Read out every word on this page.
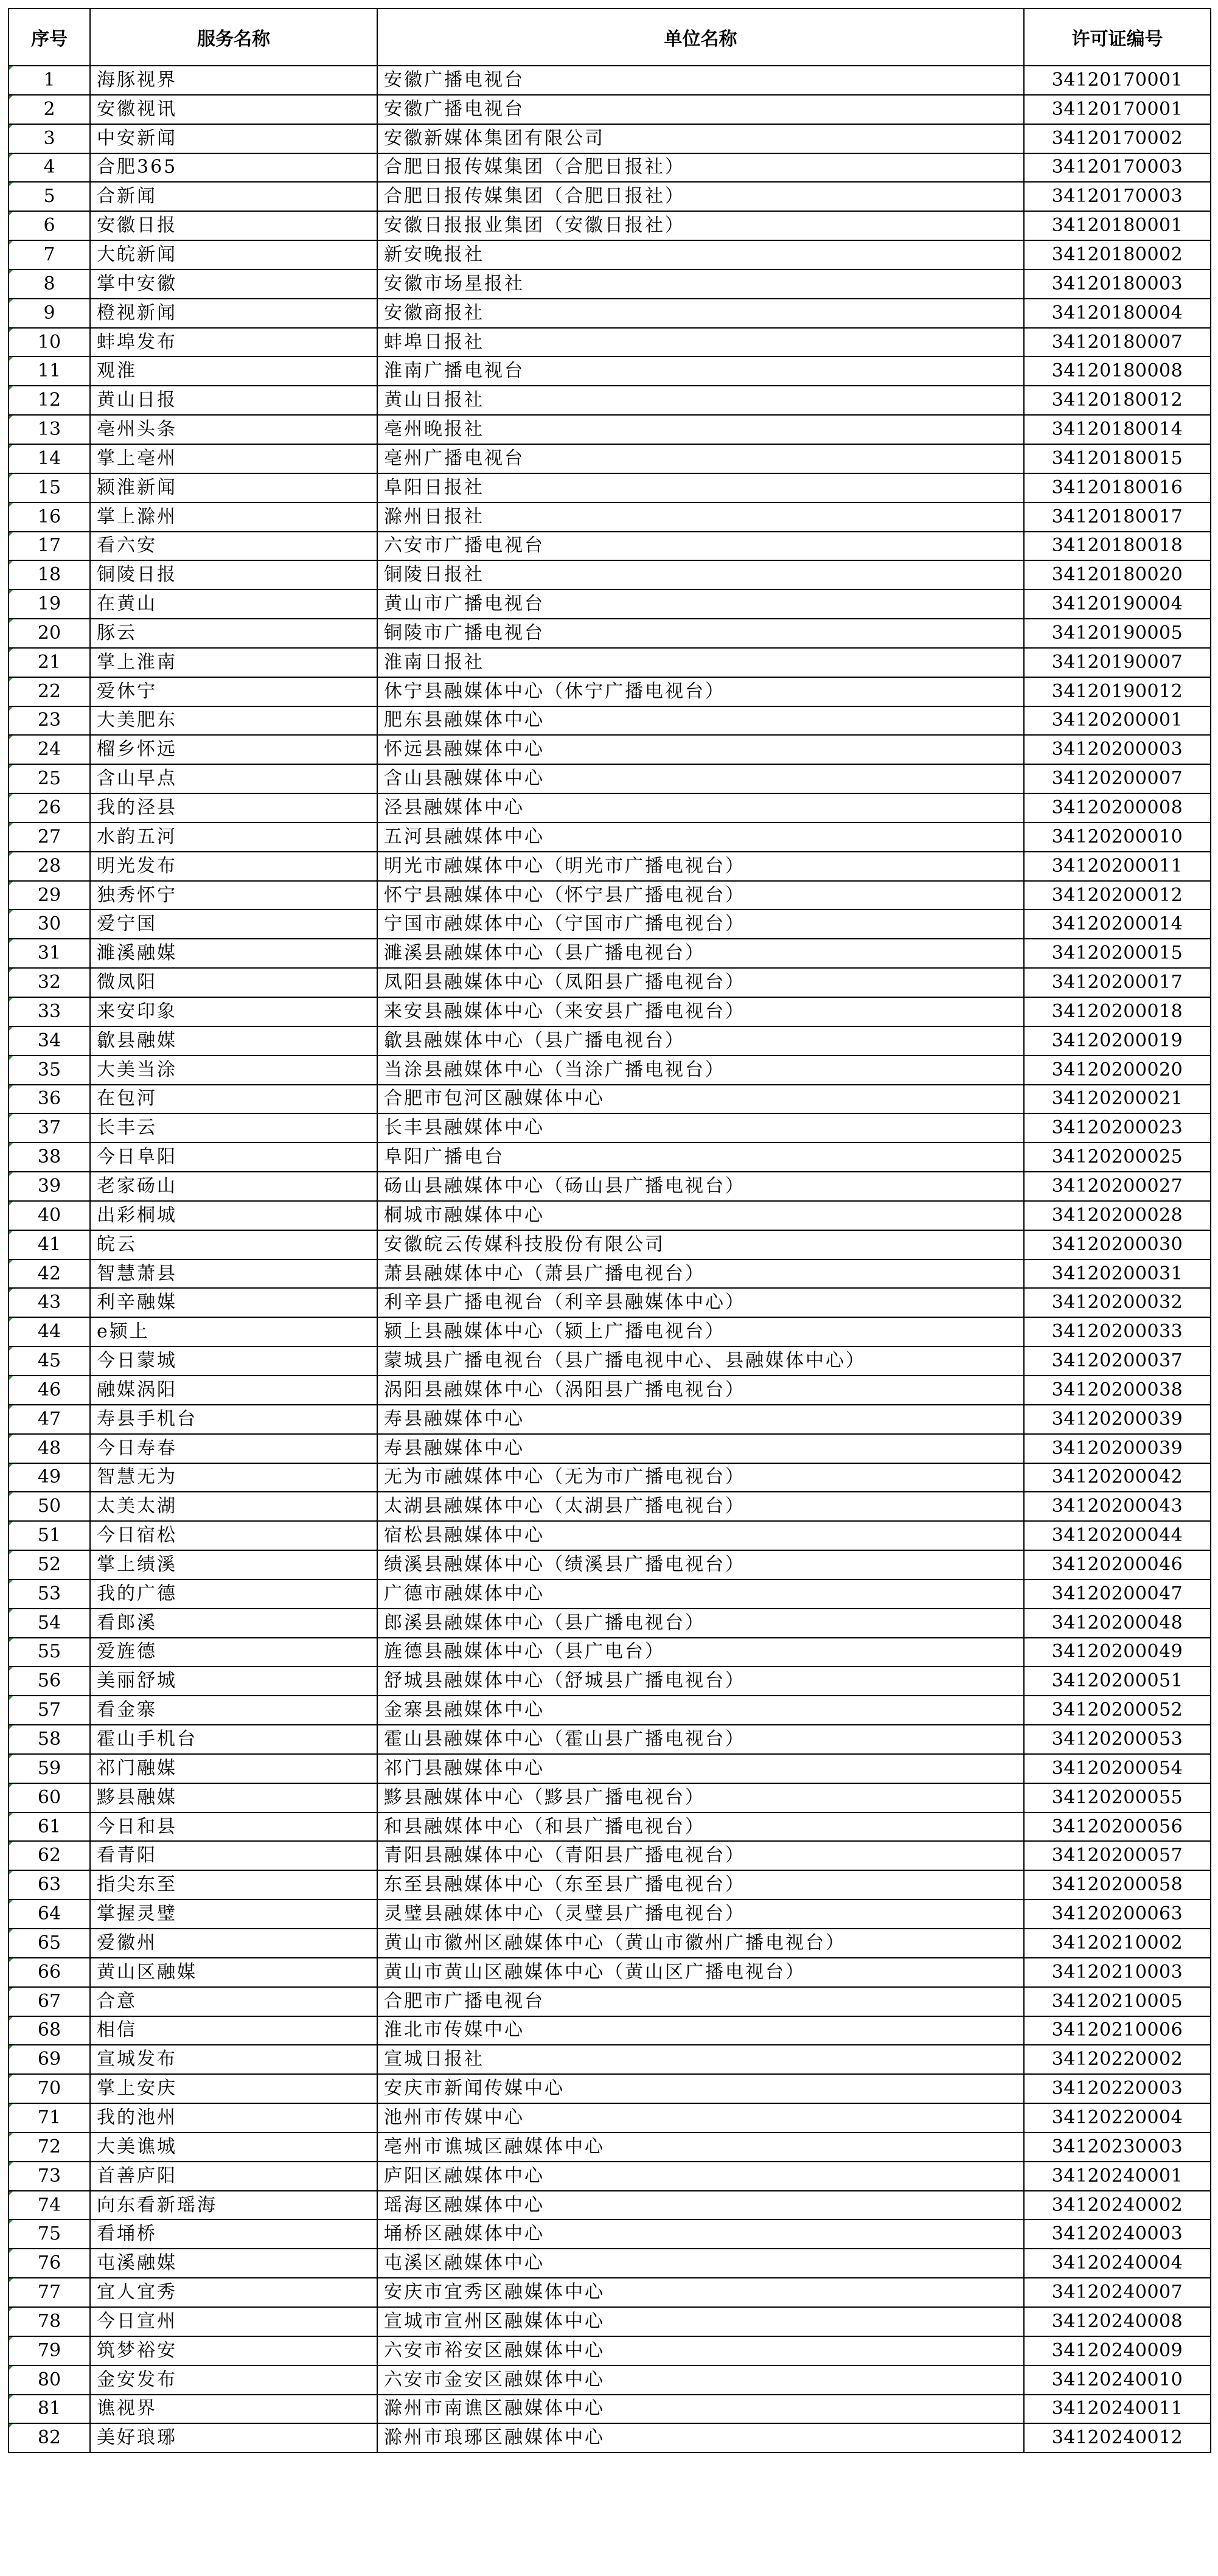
序号	服务名称	单位名称	许可证编号

1	海豚视界	安徽广播电视台	34120170001

2	安徽视讯	安徽广播电视台	34120170001

3	中安新闻	安徽新媒体集团有限公司	34120170002

4	合肥365	合肥日报传媒集团（合肥日报社）	34120170003

5	合新闻	合肥日报传媒集团（合肥日报社）	34120170003

6	安徽日报	安徽日报报业集团（安徽日报社）	34120180001

7	大皖新闻	新安晚报社	34120180002

8	掌中安徽	安徽市场星报社	34120180003

9	橙视新闻	安徽商报社	34120180004

10	蚌埠发布	蚌埠日报社	34120180007

11	观淮	淮南广播电视台	34120180008

12	黄山日报	黄山日报社	34120180012

13	亳州头条	亳州晚报社	34120180014

14	掌上亳州	亳州广播电视台	34120180015

15	颍淮新闻	阜阳日报社	34120180016

16	掌上滁州	滁州日报社	34120180017

17	看六安	六安市广播电视台	34120180018

18	铜陵日报	铜陵日报社	34120180020

19	在黄山	黄山市广播电视台	34120190004

20	豚云	铜陵市广播电视台	34120190005

21	掌上淮南	淮南日报社	34120190007

22	爱休宁	休宁县融媒体中心（休宁广播电视台）	34120190012

23	大美肥东	肥东县融媒体中心	34120200001

24	榴乡怀远	怀远县融媒体中心	34120200003

25	含山早点	含山县融媒体中心	34120200007

26	我的泾县	泾县融媒体中心	34120200008

27	水韵五河	五河县融媒体中心	34120200010

28	明光发布	明光市融媒体中心（明光市广播电视台）	34120200011

29	独秀怀宁	怀宁县融媒体中心（怀宁县广播电视台）	34120200012

30	爱宁国	宁国市融媒体中心（宁国市广播电视台）	34120200014

31	濉溪融媒	濉溪县融媒体中心（县广播电视台）	34120200015

32	微凤阳	凤阳县融媒体中心（凤阳县广播电视台）	34120200017

33	来安印象	来安县融媒体中心（来安县广播电视台）	34120200018

34	歙县融媒	歙县融媒体中心（县广播电视台）	34120200019

35	大美当涂	当涂县融媒体中心（当涂广播电视台）	34120200020

36	在包河	合肥市包河区融媒体中心	34120200021

37	长丰云	长丰县融媒体中心	34120200023

38	今日阜阳	阜阳广播电台	34120200025

39	老家砀山	砀山县融媒体中心（砀山县广播电视台）	34120200027

40	出彩桐城	桐城市融媒体中心	34120200028

41	皖云	安徽皖云传媒科技股份有限公司	34120200030

42	智慧萧县	萧县融媒体中心（萧县广播电视台）	34120200031

43	利辛融媒	利辛县广播电视台（利辛县融媒体中心）	34120200032

44	e颍上	颍上县融媒体中心（颍上广播电视台）	34120200033

45	今日蒙城	蒙城县广播电视台（县广播电视中心、县融媒体中心）	34120200037

46	融媒涡阳	涡阳县融媒体中心（涡阳县广播电视台）	34120200038

47	寿县手机台	寿县融媒体中心	34120200039

48	今日寿春	寿县融媒体中心	34120200039

49	智慧无为	无为市融媒体中心（无为市广播电视台）	34120200042

50	太美太湖	太湖县融媒体中心（太湖县广播电视台）	34120200043

51	今日宿松	宿松县融媒体中心	34120200044

52	掌上绩溪	绩溪县融媒体中心（绩溪县广播电视台）	34120200046

53	我的广德	广德市融媒体中心	34120200047

54	看郎溪	郎溪县融媒体中心（县广播电视台）	34120200048

55	爱旌德	旌德县融媒体中心（县广电台）	34120200049

56	美丽舒城	舒城县融媒体中心（舒城县广播电视台）	34120200051

57	看金寨	金寨县融媒体中心	34120200052

58	霍山手机台	霍山县融媒体中心（霍山县广播电视台）	34120200053

59	祁门融媒	祁门县融媒体中心	34120200054

60	黟县融媒	黟县融媒体中心（黟县广播电视台）	34120200055

61	今日和县	和县融媒体中心（和县广播电视台）	34120200056

62	看青阳	青阳县融媒体中心（青阳县广播电视台）	34120200057

63	指尖东至	东至县融媒体中心（东至县广播电视台）	34120200058

64	掌握灵璧	灵璧县融媒体中心（灵璧县广播电视台）	34120200063

65	爱徽州	黄山市徽州区融媒体中心（黄山市徽州广播电视台）	34120210002

66	黄山区融媒	黄山市黄山区融媒体中心（黄山区广播电视台）	34120210003

67	合意	合肥市广播电视台	34120210005

68	相信	淮北市传媒中心	34120210006

69	宣城发布	宣城日报社	34120220002

70	掌上安庆	安庆市新闻传媒中心	34120220003

71	我的池州	池州市传媒中心	34120220004

72	大美谯城	亳州市谯城区融媒体中心	34120230003

73	首善庐阳	庐阳区融媒体中心	34120240001

74	向东看新瑶海	瑶海区融媒体中心	34120240002

75	看埇桥	埇桥区融媒体中心	34120240003

76	屯溪融媒	屯溪区融媒体中心	34120240004

77	宜人宜秀	安庆市宜秀区融媒体中心	34120240007

78	今日宣州	宣城市宣州区融媒体中心	34120240008

79	筑梦裕安	六安市裕安区融媒体中心	34120240009

80	金安发布	六安市金安区融媒体中心	34120240010

81	谯视界	滁州市南谯区融媒体中心	34120240011

82	美好琅琊	滁州市琅琊区融媒体中心	34120240012
